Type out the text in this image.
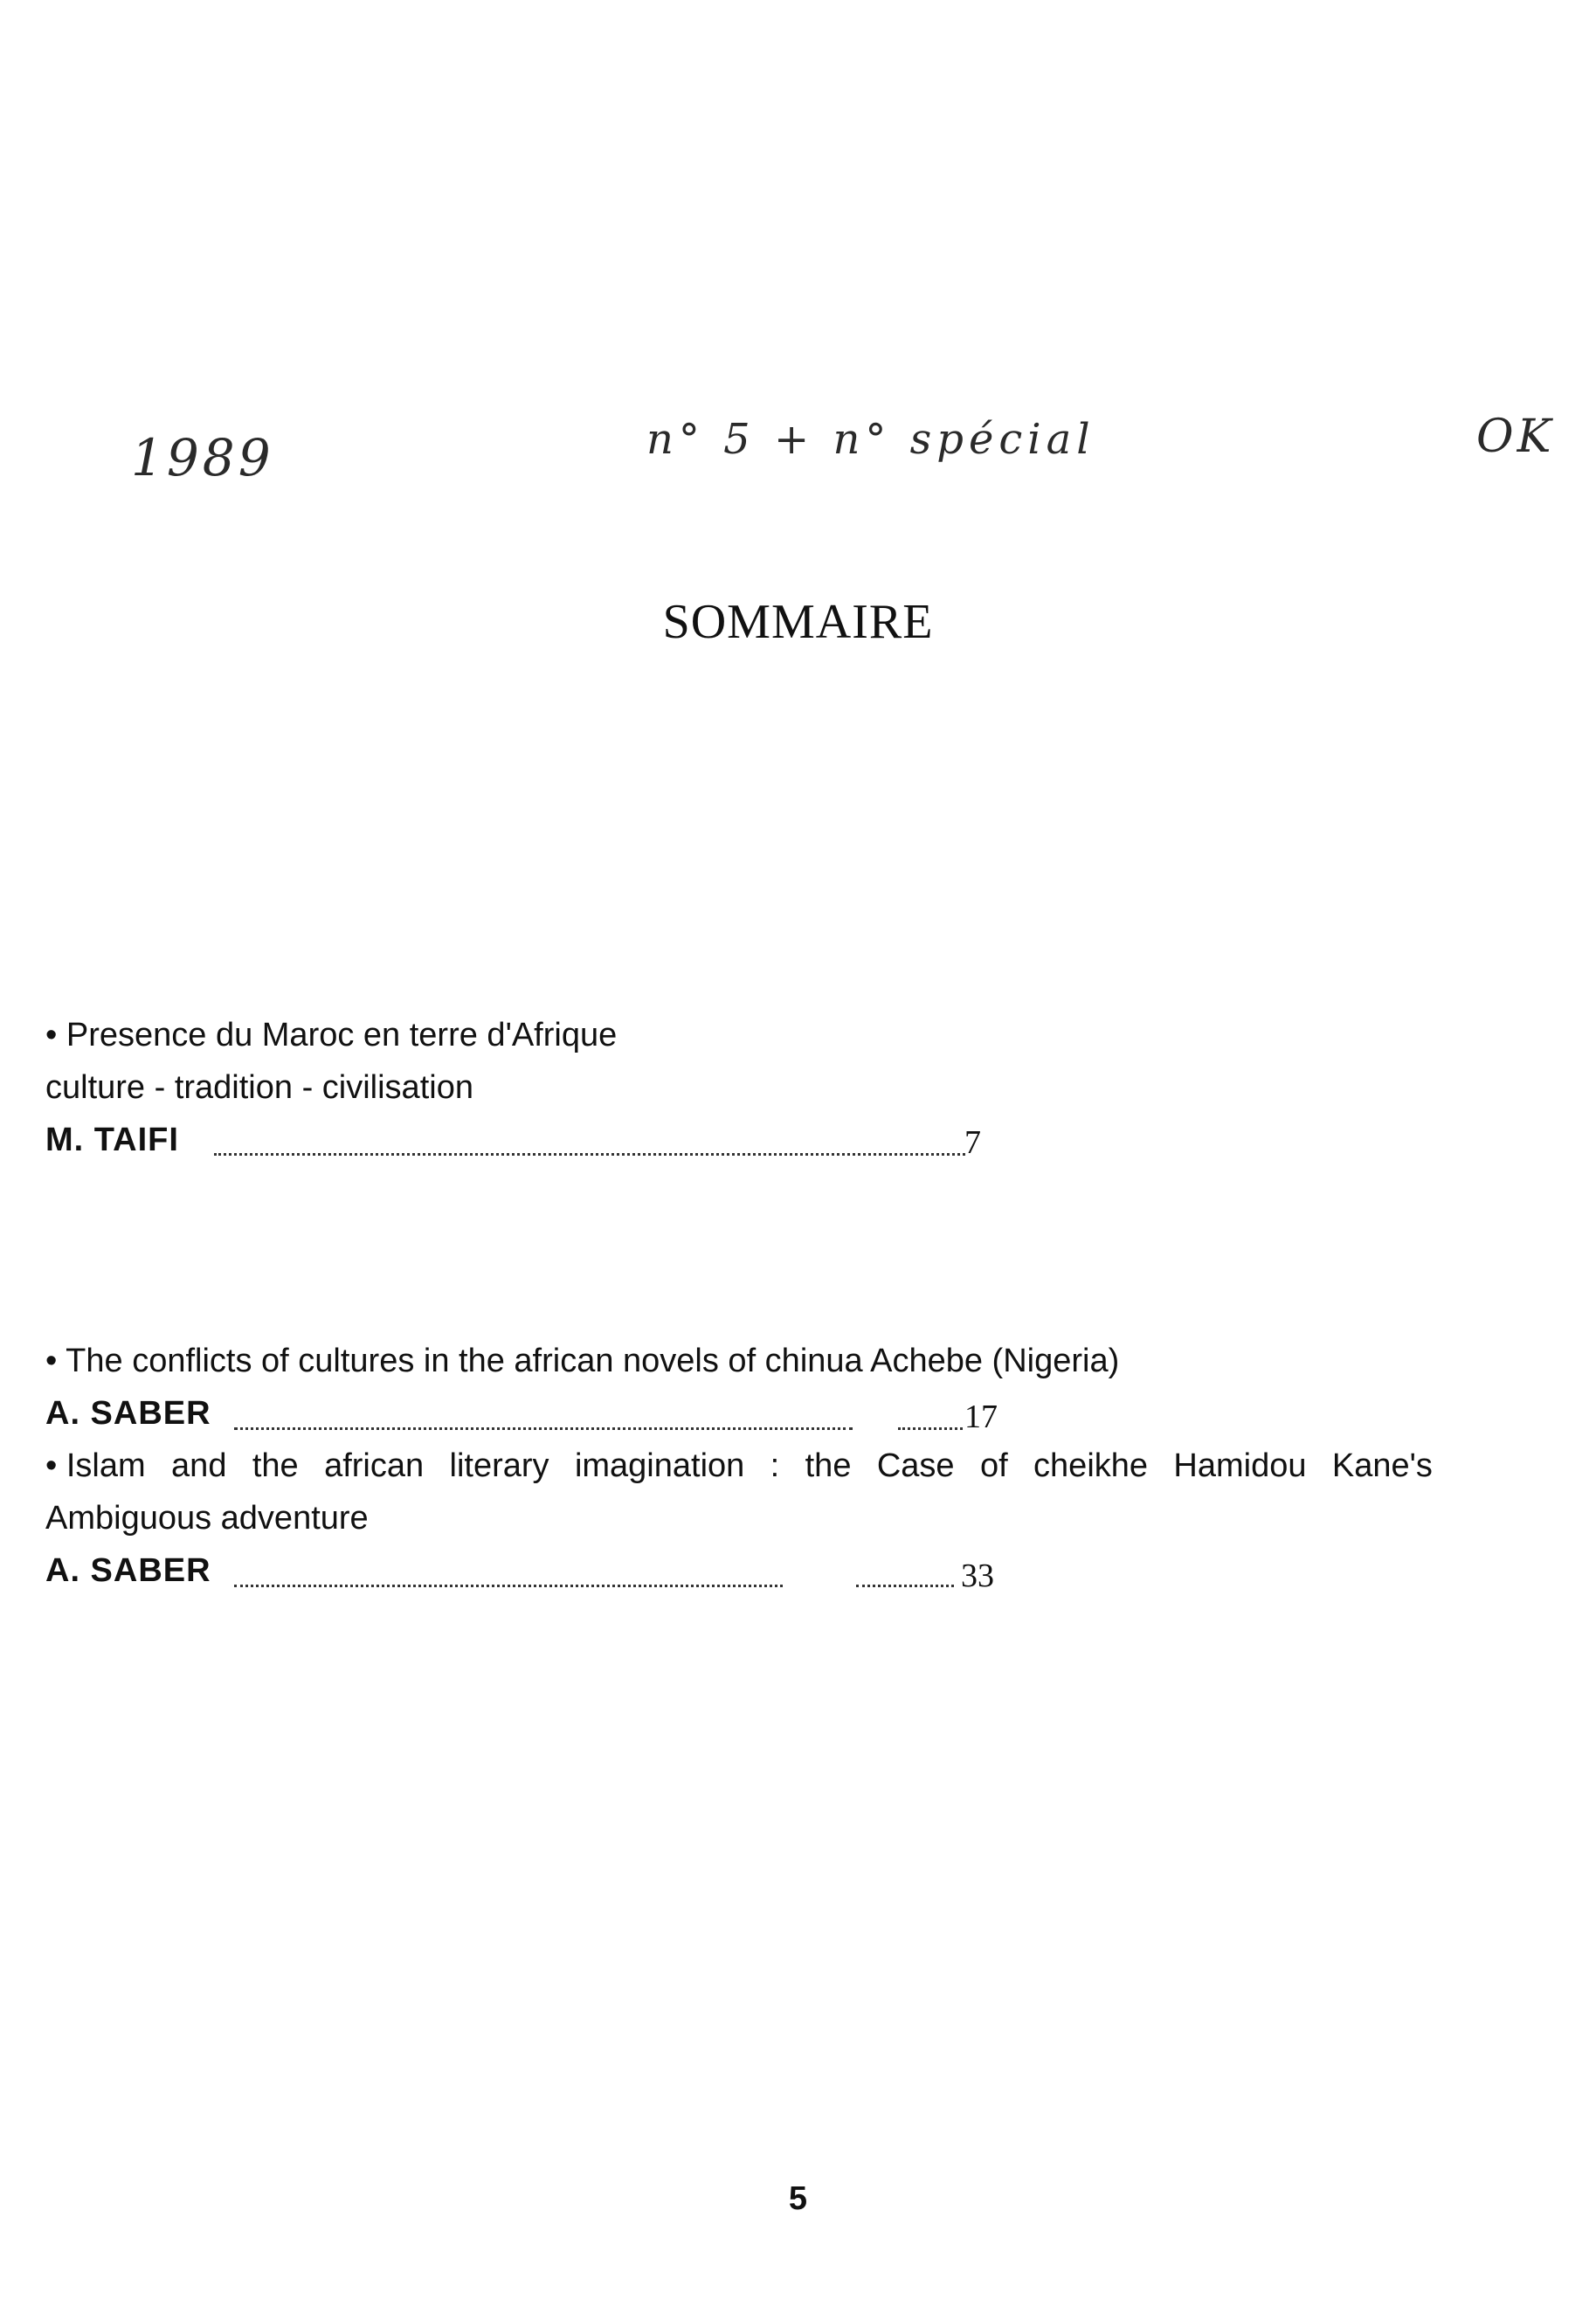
1989	n° 5 + n° spécial	OK
SOMMAIRE
• Presence du Maroc en terre d'Afrique
culture - tradition - civilisation
M. TAIFI	7
• The conflicts of cultures in the african novels of chinua Achebe (Nigeria)
A. SABER	17
• Islam and the african literary imagination : the Case of cheikhe Hamidou Kane's
Ambiguous adventure
A. SABER	33
5
